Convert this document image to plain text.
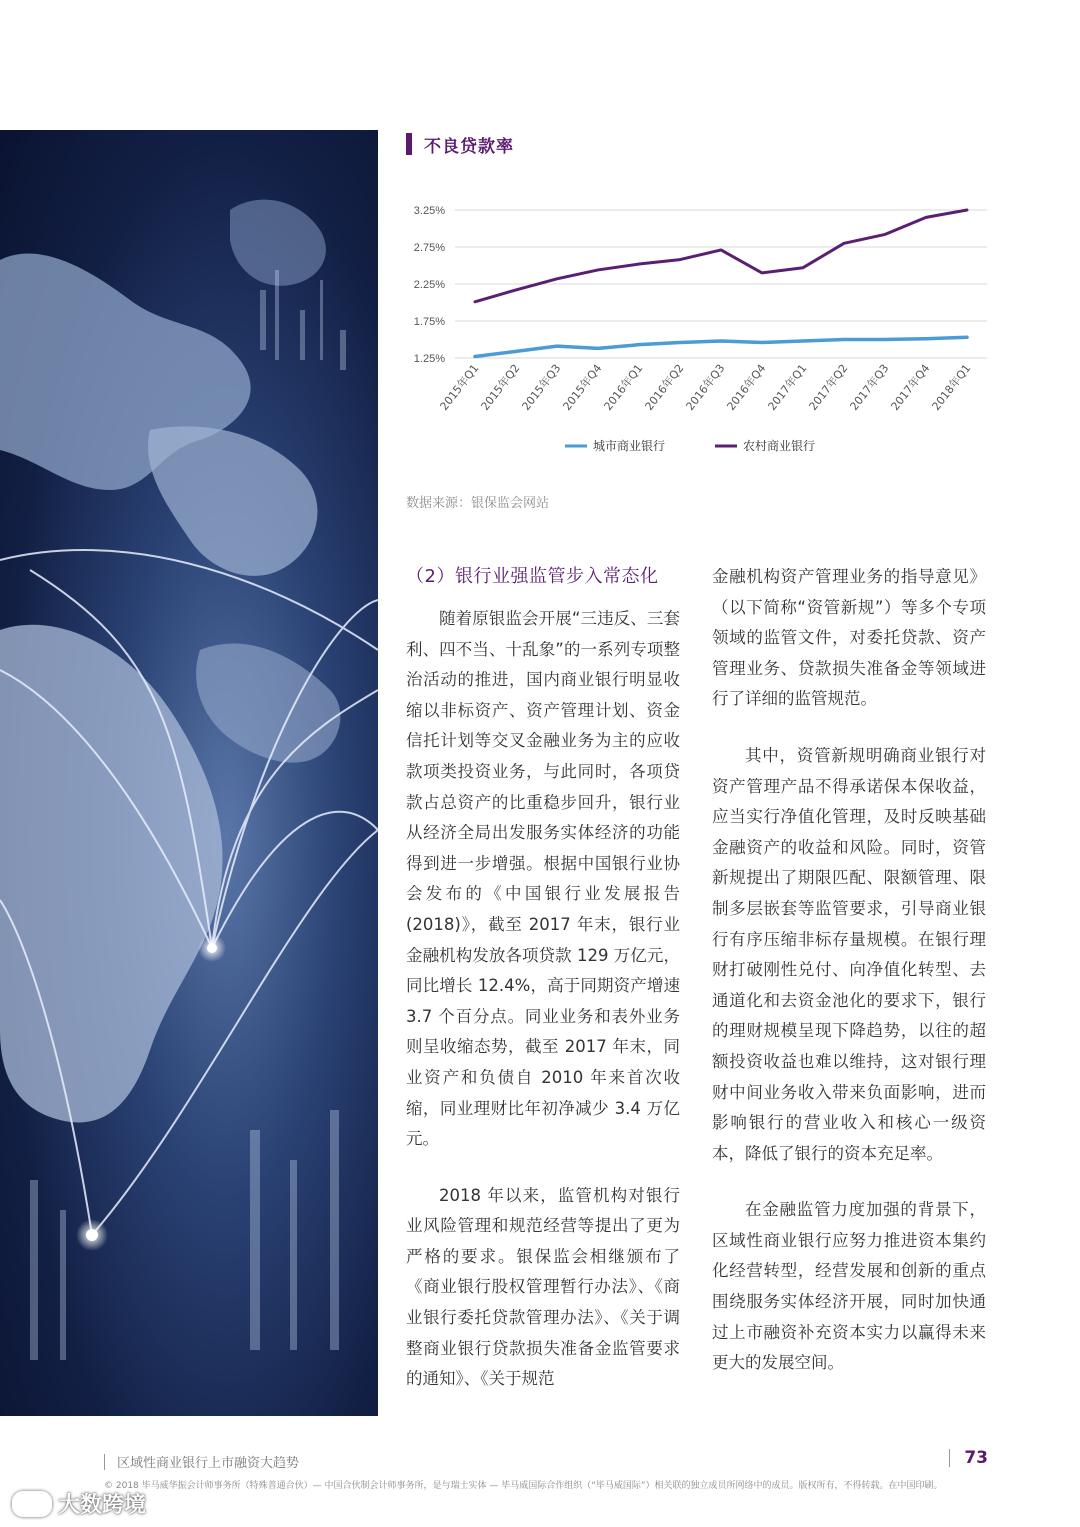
不良贷款率
3.25%
2.75%
2.25%
1.75%
1.25%
2015年Q1
2015年Q2
2015年Q3
2015年Q4
2016年Q1
2016年Q2
2016年Q3
2016年Q4
2017年Q1
2017年Q2
2017年Q3
2017年Q4
2018年Q1
城市商业银行	农村商业银行
数据来源：银保监会网站
（2）银行业强监管步入常态化

随着原银监会开展“三违反、三套利、四不当、十乱象”的一系列专项整治活动的推进，国内商业银行明显收缩以非标资产、资产管理计划、资金信托计划等交叉金融业务为主的应收款项类投资业务，与此同时，各项贷款占总资产的比重稳步回升，银行业从经济全局出发服务实体经济的功能得到进一步增强。根据中国银行业协会发布的《中国银行业发展报告 (2018)》，截至 2017 年末，银行业金融机构发放各项贷款 129 万亿元，同比增长 12.4%，高于同期资产增速 3.7 个百分点。同业业务和表外业务则呈收缩态势，截至 2017 年末，同业资产和负债自 2010 年来首次收缩，同业理财比年初净减少 3.4 万亿元。

2018 年以来，监管机构对银行业风险管理和规范经营等提出了更为严格的要求。银保监会相继颁布了《商业银行股权管理暂行办法》、《商业银行委托贷款管理办法》、《关于调整商业银行贷款损失准备金监管要求的通知》、《关于规范

金融机构资产管理业务的指导意见》（以下简称“资管新规”）等多个专项领域的监管文件，对委托贷款、资产管理业务、贷款损失准备金等领域进行了详细的监管规范。

其中，资管新规明确商业银行对资产管理产品不得承诺保本保收益，应当实行净值化管理，及时反映基础金融资产的收益和风险。同时，资管新规提出了期限匹配、限额管理、限制多层嵌套等监管要求，引导商业银行有序压缩非标存量规模。在银行理财打破刚性兑付、向净值化转型、去通道化和去资金池化的要求下，银行的理财规模呈现下降趋势，以往的超额投资收益也难以维持，这对银行理财中间业务收入带来负面影响，进而影响银行的营业收入和核心一级资本，降低了银行的资本充足率。

在金融监管力度加强的背景下，区域性商业银行应努力推进资本集约化经营转型，经营发展和创新的重点围绕服务实体经济开展，同时加快通过上市融资补充资本实力以赢得未来更大的发展空间。

区域性商业银行上市融资大趋势	73
© 2018 毕马威华振会计师事务所（特殊普通合伙）— 中国合伙制会计师事务所，是与瑞士实体 — 毕马威国际合作组织（“毕马威国际”）相关联的独立成员所网络中的成员。版权所有，不得转载。在中国印刷。
大数跨境
